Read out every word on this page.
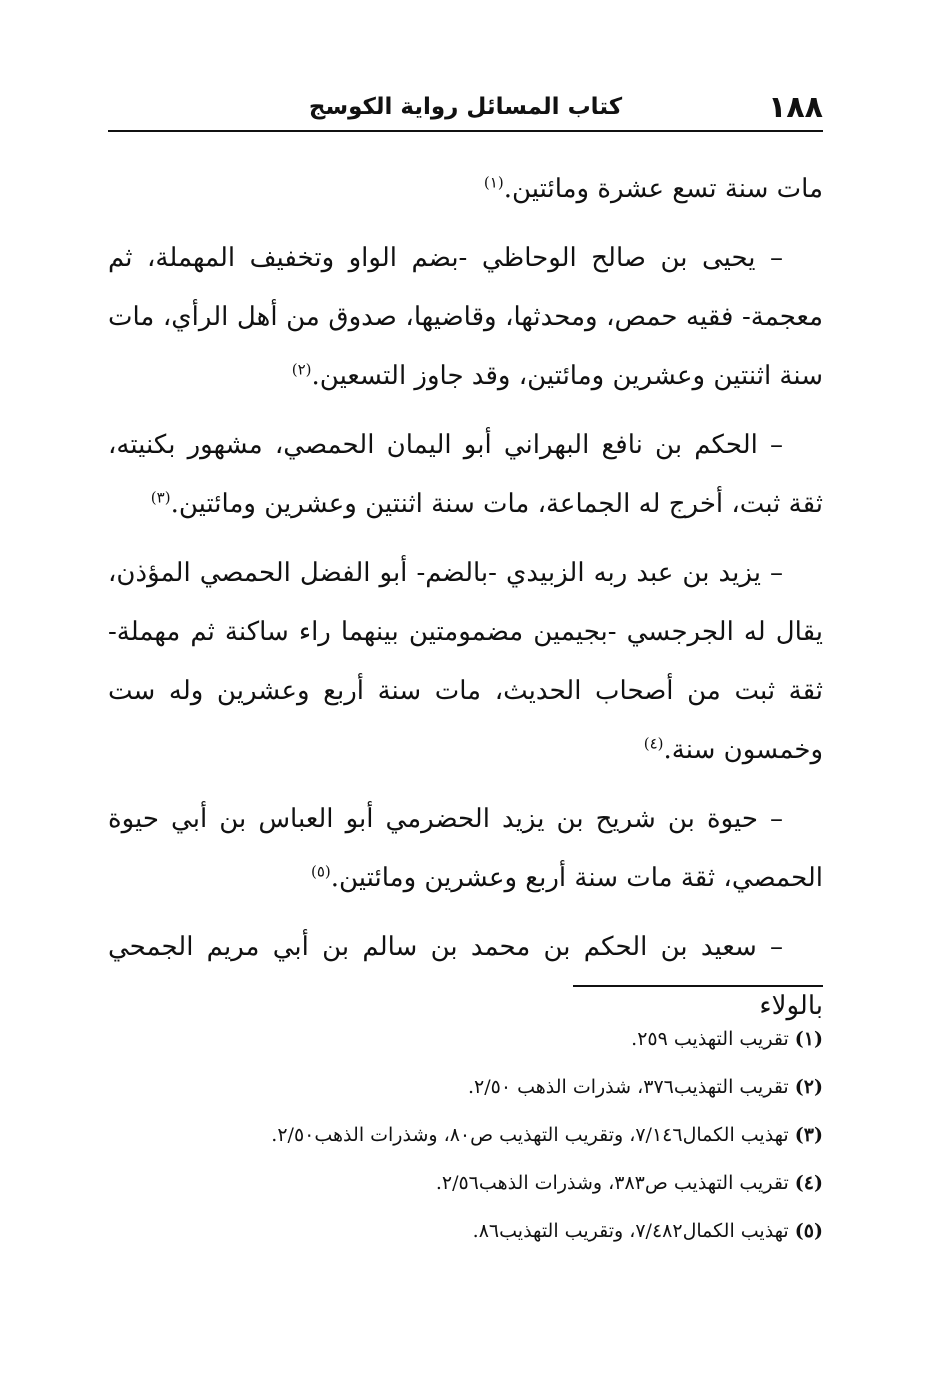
١٨٨
كتاب المسائل رواية الكوسج

مات سنة تسع عشرة ومائتين.$^{(١)}$

– يحيى بن صالح الوحاظي -بضم الواو وتخفيف المهملة، ثم معجمة- فقيه حمص، ومحدثها، وقاضيها، صدوق من أهل الرأي، مات سنة اثنتين وعشرين ومائتين، وقد جاوز التسعين.$^{(٢)}$

– الحكم بن نافع البهراني أبو اليمان الحمصي، مشهور بكنيته، ثقة ثبت، أخرج له الجماعة، مات سنة اثنتين وعشرين ومائتين.$^{(٣)}$

– يزيد بن عبد ربه الزبيدي -بالضم- أبو الفضل الحمصي المؤذن، يقال له الجرجسي -بجيمين مضمومتين بينهما راء ساكنة ثم مهملة- ثقة ثبت من أصحاب الحديث، مات سنة أربع وعشرين وله ست وخمسون سنة.$^{(٤)}$

– حيوة بن شريح بن يزيد الحضرمي أبو العباس بن أبي حيوة الحمصي، ثقة مات سنة أربع وعشرين ومائتين.$^{(٥)}$

– سعيد بن الحكم بن محمد بن سالم بن أبي مريم الجمحي بالولاء

(١) تقريب التهذيب ٢٥٩.
(٢) تقريب التهذيب٣٧٦، شذرات الذهب ٢/٥٠.
(٣) تهذيب الكمال٧/١٤٦، وتقريب التهذيب ص٨٠، وشذرات الذهب٢/٥٠.
(٤) تقريب التهذيب ص٣٨٣، وشذرات الذهب٢/٥٦.
(٥) تهذيب الكمال٧/٤٨٢، وتقريب التهذيب٨٦.
